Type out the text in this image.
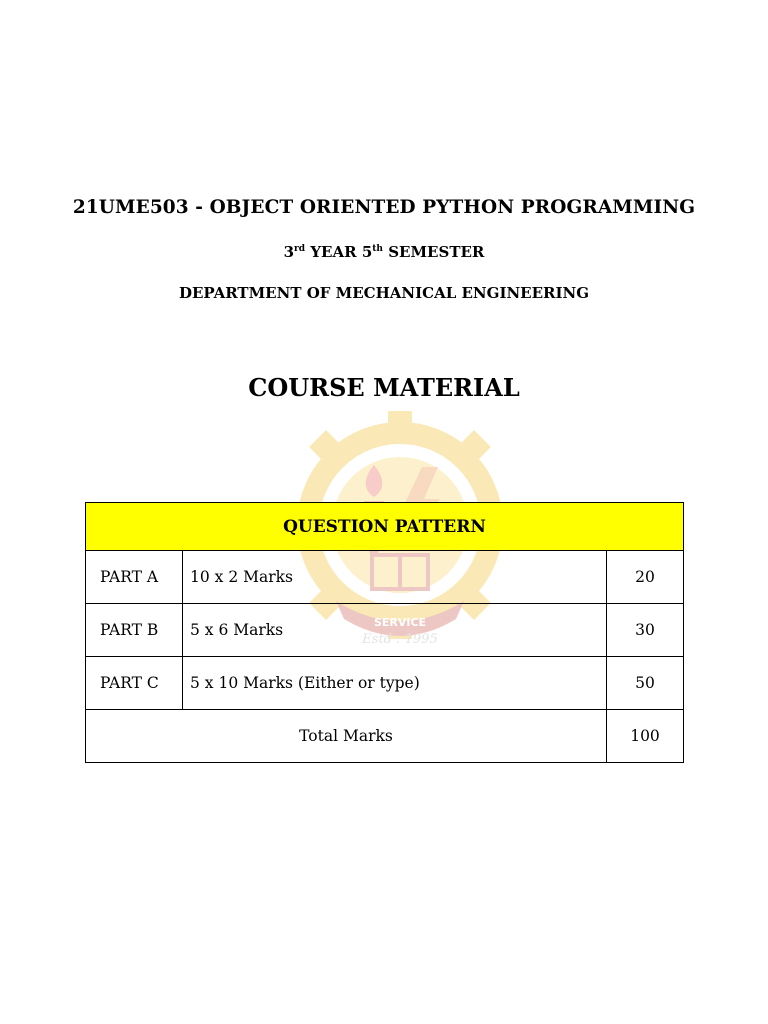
21UME503 - OBJECT ORIENTED PYTHON PROGRAMMING
3rd YEAR 5th SEMESTER
DEPARTMENT OF MECHANICAL ENGINEERING
COURSE MATERIAL
SERVICE
Estd : 1995
QUESTION PATTERN		
PART A	10 x 2 Marks	20
PART B	5 x 6 Marks	30
PART C	5 x 10 Marks (Either or type)	50
Total Marks		100
